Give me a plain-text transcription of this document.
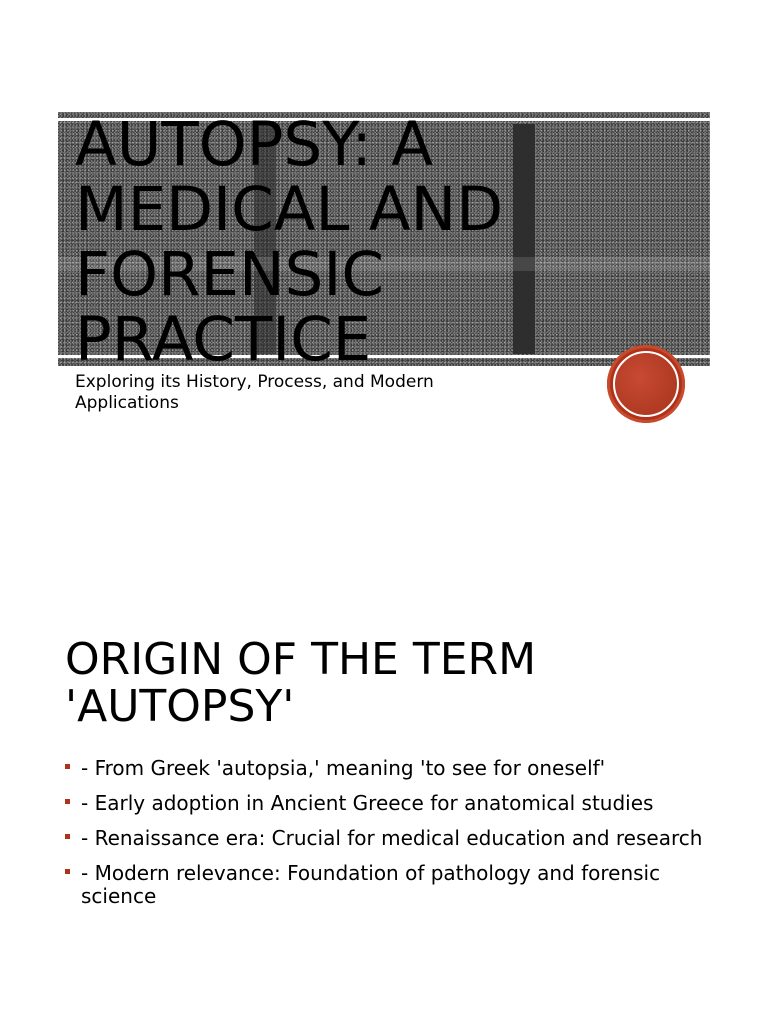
AUTOPSY: A MEDICAL AND FORENSIC PRACTICE

Exploring its History, Process, and Modern Applications

ORIGIN OF THE TERM 'AUTOPSY'
- From Greek 'autopsia,' meaning 'to see for oneself'
- Early adoption in Ancient Greece for anatomical studies
- Renaissance era: Crucial for medical education and research
- Modern relevance: Foundation of pathology and forensic science
